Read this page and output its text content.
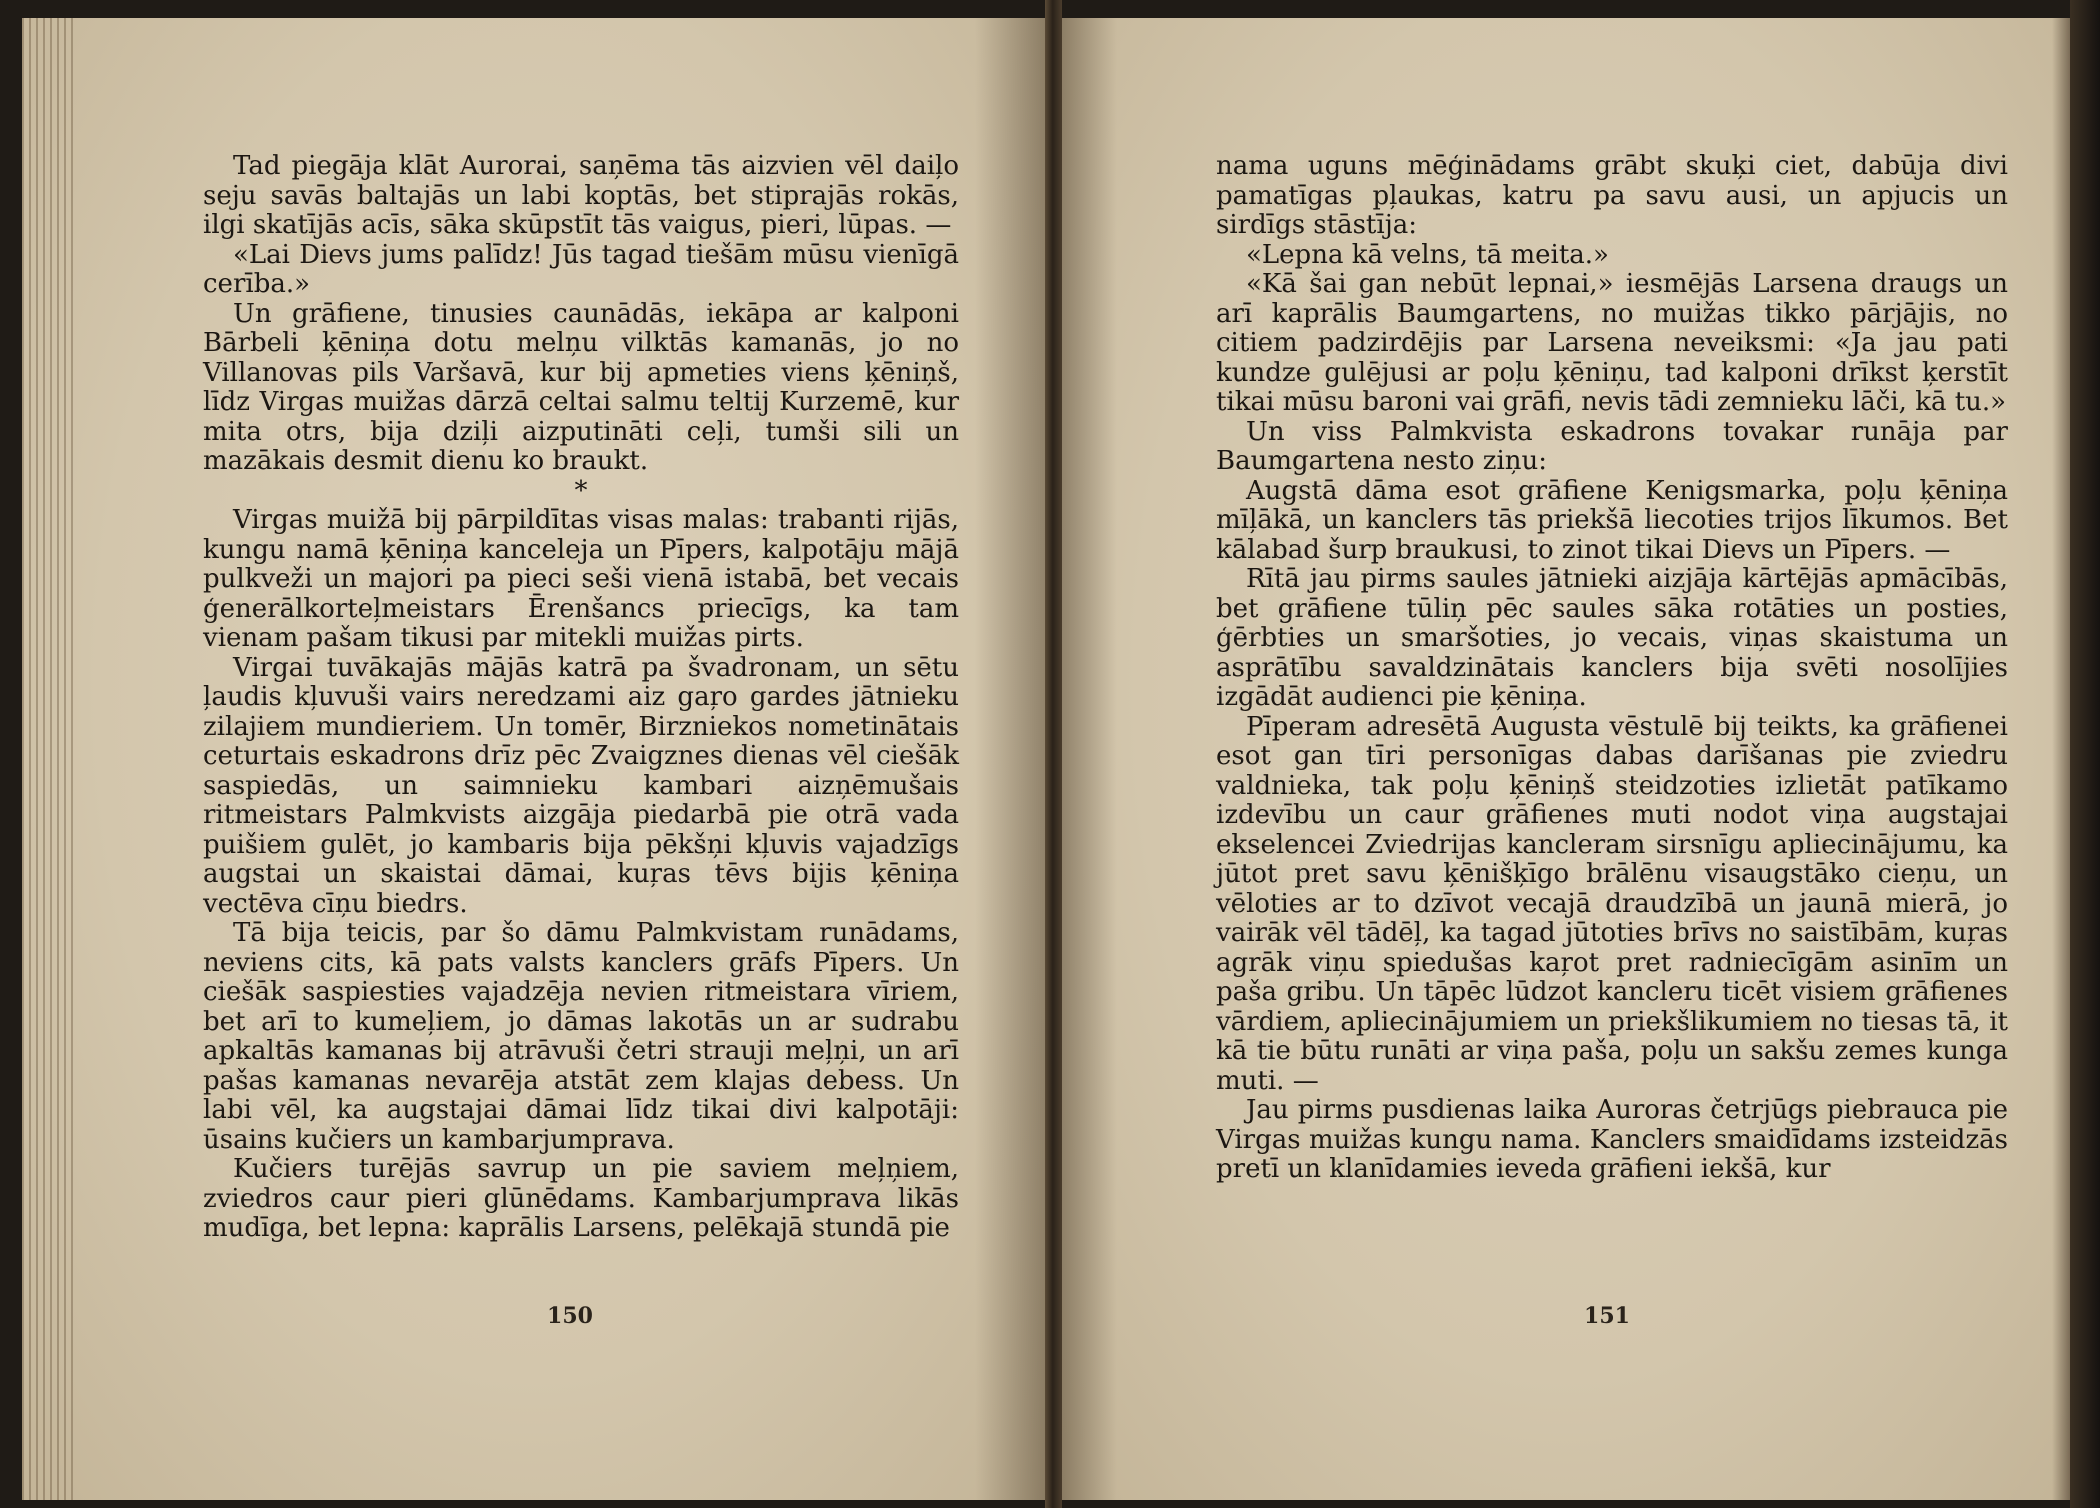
Tad piegāja klāt Aurorai, saņēma tās aizvien vēl daiļo seju savās baltajās un labi koptās, bet stiprajās rokās, ilgi skatījās acīs, sāka skūpstīt tās vaigus, pieri, lūpas. —

«Lai Dievs jums palīdz! Jūs tagad tiešām mūsu vienīgā cerība.»

Un grāfiene, tinusies caunādās, iekāpa ar kalponi Bārbeli ķēniņa dotu melņu vilktās kamanās, jo no Villanovas pils Varšavā, kur bij apmeties viens ķēniņš, līdz Virgas muižas dārzā celtai salmu teltij Kurzemē, kur mita otrs, bija dziļi aizputināti ceļi, tumši sili un mazākais desmit dienu ko braukt.

*

Virgas muižā bij pārpildītas visas malas: trabanti rijās, kungu namā ķēniņa kanceleja un Pīpers, kalpotāju mājā pulkveži un majori pa pieci seši vienā istabā, bet vecais ģenerālkorteļmeistars Ērenšancs priecīgs, ka tam vienam pašam tikusi par mitekli muižas pirts.

Virgai tuvākajās mājās katrā pa švadronam, un sētu ļaudis kļuvuši vairs neredzami aiz gaŗo gardes jātnieku zilajiem mundieriem. Un tomēr, Birzniekos nometinātais ceturtais eskadrons drīz pēc Zvaigznes dienas vēl ciešāk saspiedās, un saimnieku kambari aizņēmušais ritmeistars Palmkvists aizgāja piedarbā pie otrā vada puišiem gulēt, jo kambaris bija pēkšņi kļuvis vajadzīgs augstai un skaistai dāmai, kuŗas tēvs bijis ķēniņa vectēva cīņu biedrs.

Tā bija teicis, par šo dāmu Palmkvistam runādams, neviens cits, kā pats valsts kanclers grāfs Pīpers. Un ciešāk saspiesties vajadzēja nevien ritmeistara vīriem, bet arī to kumeļiem, jo dāmas lakotās un ar sudrabu apkaltās kamanas bij atrāvuši četri strauji meļņi, un arī pašas kamanas nevarēja atstāt zem klajas debess. Un labi vēl, ka augstajai dāmai līdz tikai divi kalpotāji: ūsains kučiers un kambarjumprava.

Kučiers turējās savrup un pie saviem meļņiem, zviedros caur pieri glūnēdams. Kambarjumprava likās mudīga, bet lepna: kaprālis Larsens, pelēkajā stundā pie

150

nama uguns mēģinādams grābt skuķi ciet, dabūja divi pamatīgas pļaukas, katru pa savu ausi, un apjucis un sirdīgs stāstīja:

«Lepna kā velns, tā meita.»

«Kā šai gan nebūt lepnai,» iesmējās Larsena draugs un arī kaprālis Baumgartens, no muižas tikko pārjājis, no citiem padzirdējis par Larsena neveiksmi: «Ja jau pati kundze gulējusi ar poļu ķēniņu, tad kalponi drīkst ķerstīt tikai mūsu baroni vai grāfi, nevis tādi zemnieku lāči, kā tu.»

Un viss Palmkvista eskadrons tovakar runāja par Baumgartena nesto ziņu:

Augstā dāma esot grāfiene Kenigsmarka, poļu ķēniņa mīļākā, un kanclers tās priekšā liecoties trijos līkumos. Bet kālabad šurp braukusi, to zinot tikai Dievs un Pīpers. —

Rītā jau pirms saules jātnieki aizjāja kārtējās apmācībās, bet grāfiene tūliņ pēc saules sāka rotāties un posties, ģērbties un smaršoties, jo vecais, viņas skaistuma un asprātību savaldzinātais kanclers bija svēti nosolījies izgādāt audienci pie ķēniņa.

Pīperam adresētā Augusta vēstulē bij teikts, ka grāfienei esot gan tīri personīgas dabas darīšanas pie zviedru valdnieka, tak poļu ķēniņš steidzoties izlietāt patīkamo izdevību un caur grāfienes muti nodot viņa augstajai ekselencei Zviedrijas kancleram sirsnīgu apliecinājumu, ka jūtot pret savu ķēnišķīgo brālēnu visaugstāko cieņu, un vēloties ar to dzīvot vecajā draudzībā un jaunā mierā, jo vairāk vēl tādēļ, ka tagad jūtoties brīvs no saistībām, kuŗas agrāk viņu spiedušas kaŗot pret radniecīgām asinīm un paša gribu. Un tāpēc lūdzot kancleru ticēt visiem grāfienes vārdiem, apliecinājumiem un priekšlikumiem no tiesas tā, it kā tie būtu runāti ar viņa paša, poļu un sakšu zemes kunga muti. —

Jau pirms pusdienas laika Auroras četrjūgs piebrauca pie Virgas muižas kungu nama. Kanclers smaidīdams izsteidzās pretī un klanīdamies ieveda grāfieni iekšā, kur

151
